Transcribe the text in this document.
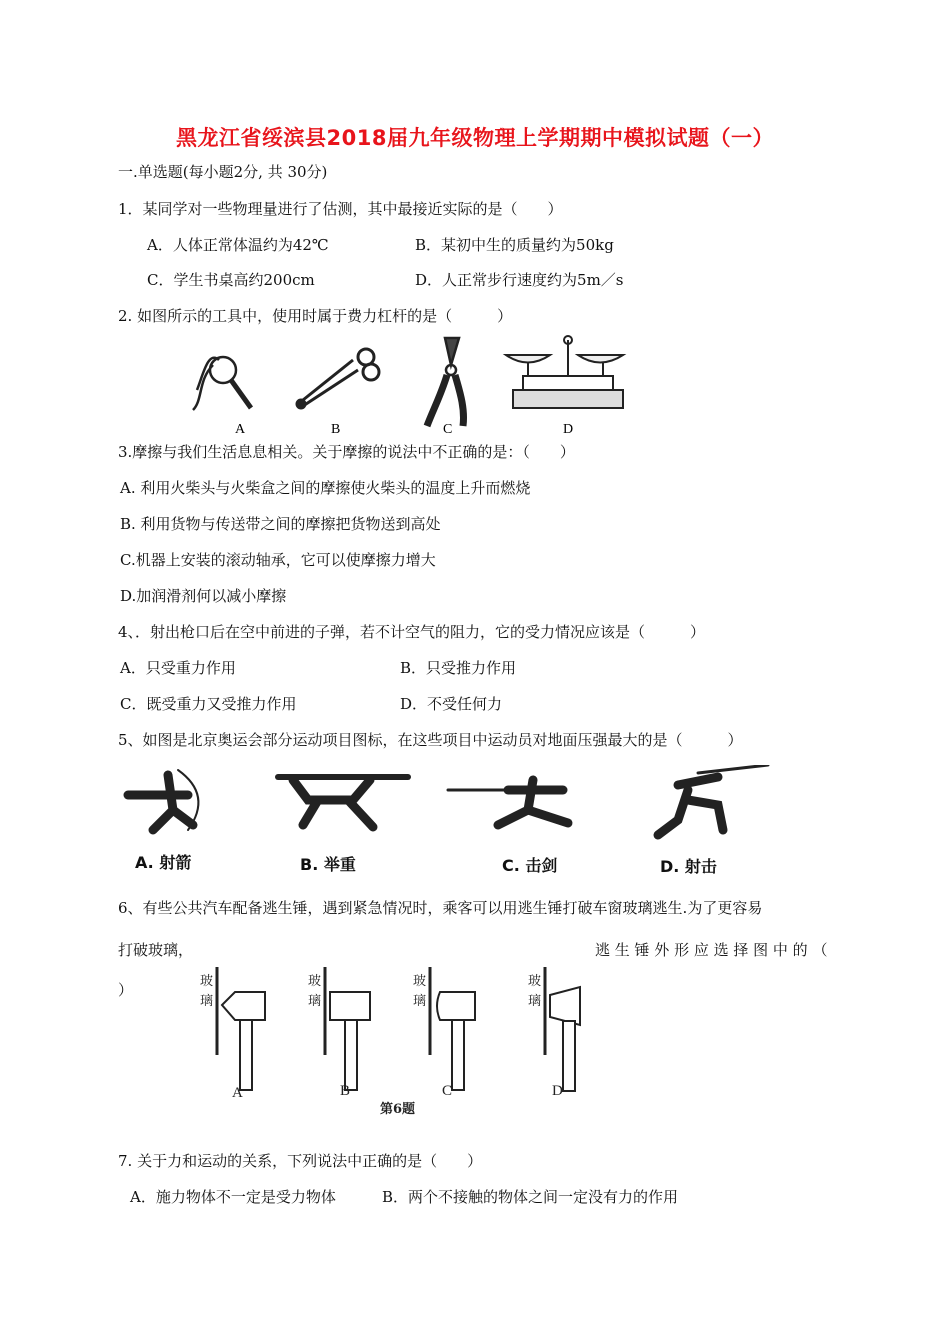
黑龙江省绥滨县2018届九年级物理上学期期中模拟试题（一）
一.单选题(每小题2分, 共 30分)
1．某同学对一些物理量进行了估测，其中最接近实际的是（　　）
A．人体正常体温约为42℃	B．某初中生的质量约为50kg
C．学生书桌高约200cm	D．人正常步行速度约为5m／s
2. 如图所示的工具中，使用时属于费力杠杆的是（　　　）
A	B	C	D
3.摩擦与我们生活息息相关。关于摩擦的说法中不正确的是：（　　）
A. 利用火柴头与火柴盒之间的摩擦使火柴头的温度上升而燃烧
B. 利用货物与传送带之间的摩擦把货物送到高处
C.机器上安装的滚动轴承，它可以使摩擦力增大
D.加润滑剂何以减小摩擦
4、．射出枪口后在空中前进的子弹，若不计空气的阻力，它的受力情况应该是（　　　）
A．只受重力作用	B．只受推力作用
C．既受重力又受推力作用	D．不受任何力
5、如图是北京奥运会部分运动项目图标，在这些项目中运动员对地面压强最大的是（　　　）
A. 射箭	B. 举重	C. 击剑	D. 射击
6、有些公共汽车配备逃生锤，遇到紧急情况时，乘客可以用逃生锤打破车窗玻璃逃生.为了更容易
打破玻璃，	逃 生 锤 外 形 应 选 择 图 中 的 （
）	玻
璃
玻
璃
玻
璃
玻
璃
A	B	C	D
第6题
7. 关于力和运动的关系，下列说法中正确的是（　　）
A．施力物体不一定是受力物体	B．两个不接触的物体之间一定没有力的作用
